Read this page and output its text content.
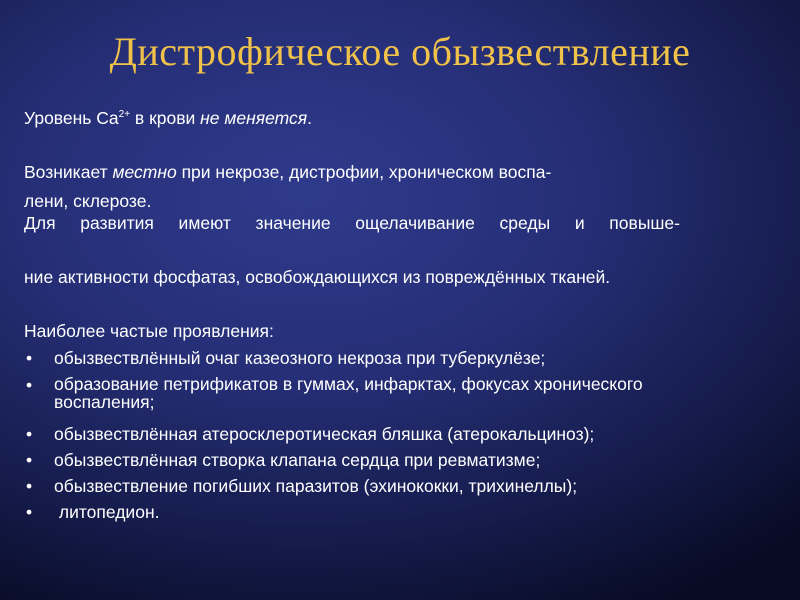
Дистрофическое обызвествление
Уровень $Ca^{2+}$ в крови не меняется.
Возникает местно при некрозе, дистрофии, хроническом воспа-
лени, склерозе.
Для развития имеют значение ощелачивание среды и повыше-
ние активности фосфатаз, освобождающихся из повреждённых тканей.
Наиболее частые проявления:
• обызвествлённый очаг казеозного некроза при туберкулёзе;
• образование петрификатов в гуммах, инфарктах, фокусах хронического воспаления;
• обызвествлённая атеросклеротическая бляшка (атерокальциноз);
• обызвествлённая створка клапана сердца при ревматизме;
• обызвествление погибших паразитов (эхинококки, трихинеллы);
• литопедион.
